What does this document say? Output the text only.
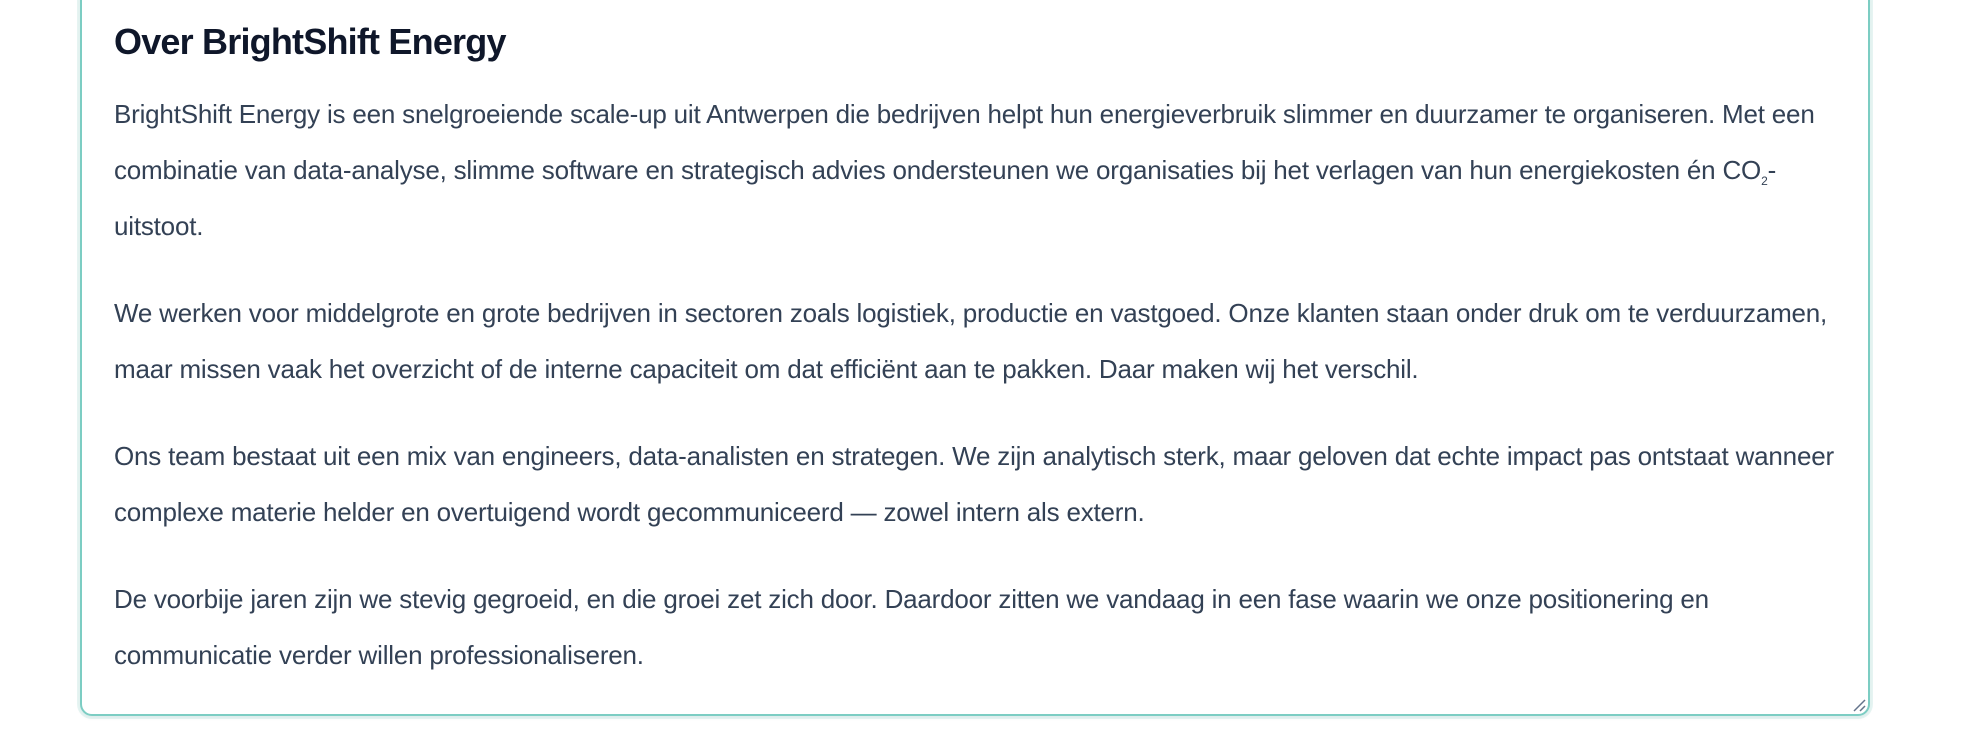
Over BrightShift Energy

BrightShift Energy is een snelgroeiende scale-up uit Antwerpen die bedrijven helpt hun energieverbruik slimmer en duurzamer te organiseren. Met een combinatie van data-analyse, slimme software en strategisch advies ondersteunen we organisaties bij het verlagen van hun energiekosten én $CO_2$-uitstoot.

We werken voor middelgrote en grote bedrijven in sectoren zoals logistiek, productie en vastgoed. Onze klanten staan onder druk om te verduurzamen, maar missen vaak het overzicht of de interne capaciteit om dat efficiënt aan te pakken. Daar maken wij het verschil.

Ons team bestaat uit een mix van engineers, data-analisten en strategen. We zijn analytisch sterk, maar geloven dat echte impact pas ontstaat wanneer complexe materie helder en overtuigend wordt gecommuniceerd — zowel intern als extern.

De voorbije jaren zijn we stevig gegroeid, en die groei zet zich door. Daardoor zitten we vandaag in een fase waarin we onze positionering en communicatie verder willen professionaliseren.
